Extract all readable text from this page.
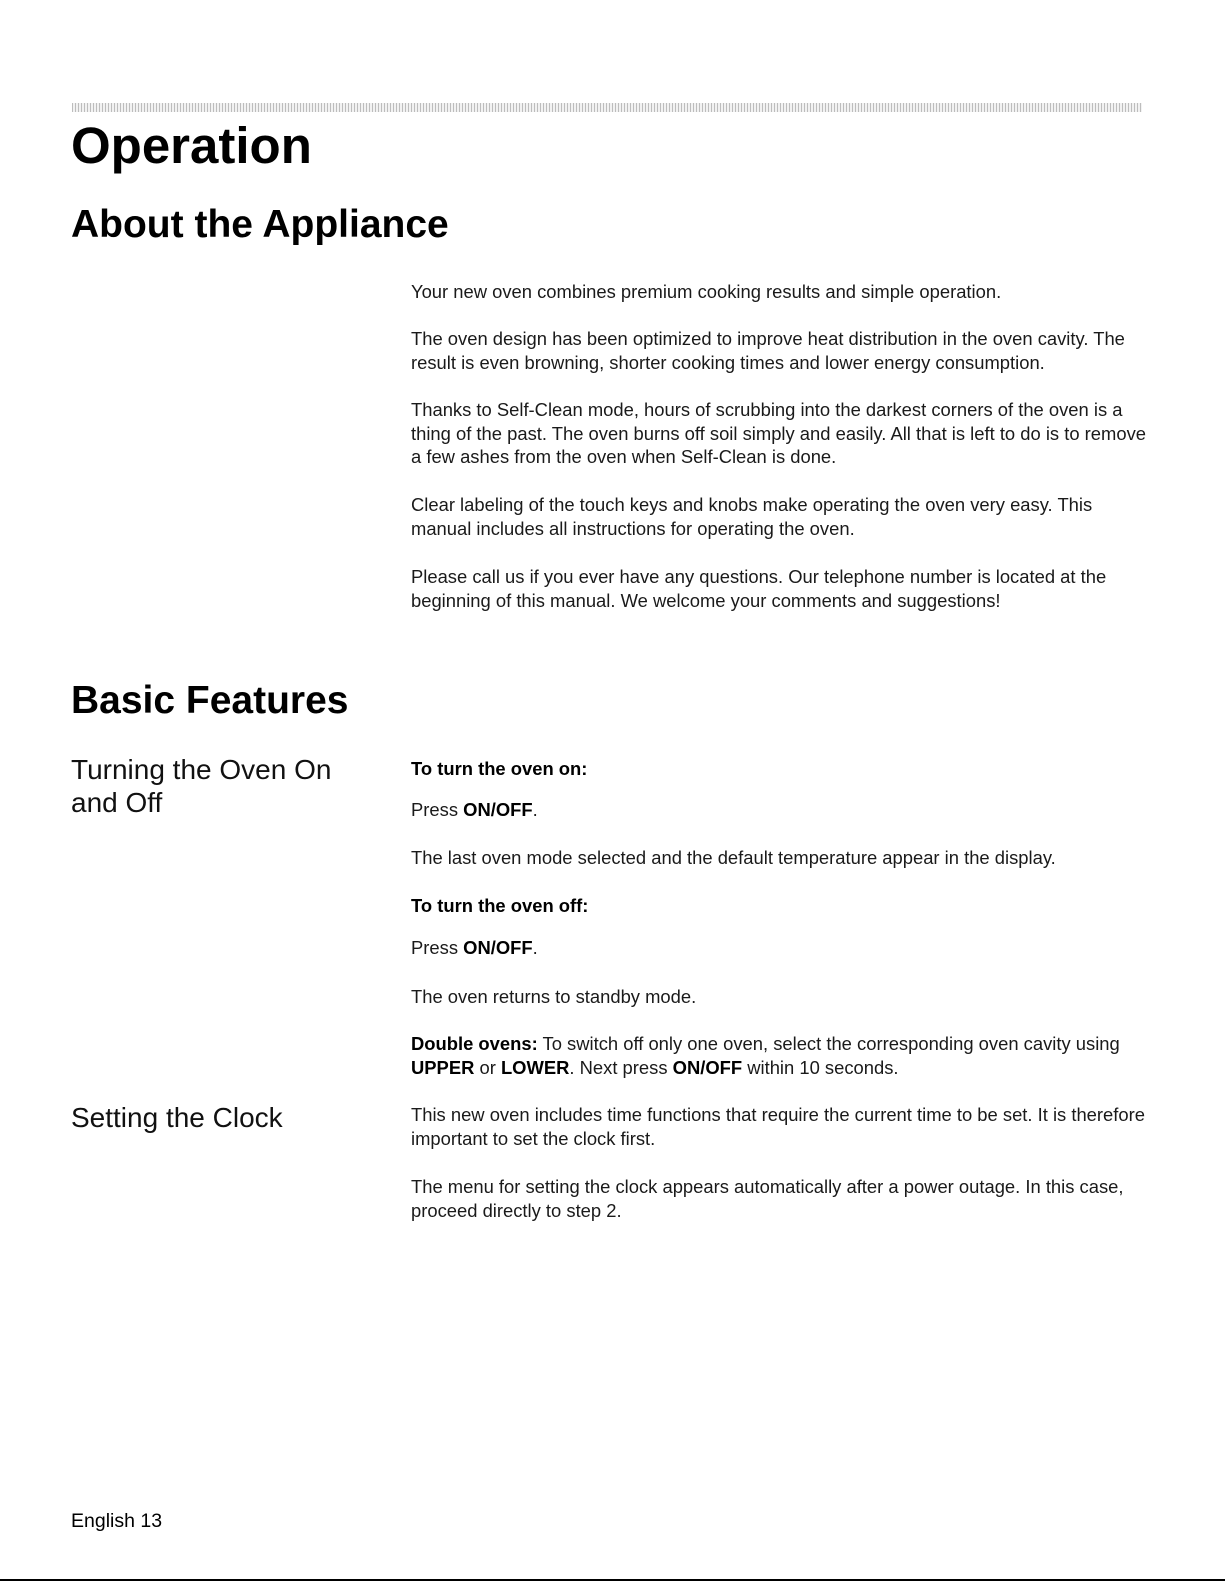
Operation
About the Appliance

Your new oven combines premium cooking results and simple operation.

The oven design has been optimized to improve heat distribution in the oven cavity. The result is even browning, shorter cooking times and lower energy consumption.

Thanks to Self-Clean mode, hours of scrubbing into the darkest corners of the oven is a thing of the past. The oven burns off soil simply and easily. All that is left to do is to remove a few ashes from the oven when Self-Clean is done.

Clear labeling of the touch keys and knobs make operating the oven very easy. This manual includes all instructions for operating the oven.

Please call us if you ever have any questions. Our telephone number is located at the beginning of this manual. We welcome your comments and suggestions!

Basic Features
Turning the Oven On
and Off

To turn the oven on:

Press ON/OFF.

The last oven mode selected and the default temperature appear in the display.

To turn the oven off:

Press ON/OFF.

The oven returns to standby mode.

Double ovens: To switch off only one oven, select the corresponding oven cavity using UPPER or LOWER. Next press ON/OFF within 10 seconds.

Setting the Clock	This new oven includes time functions that require the current time to be set. It is therefore important to set the clock first.

The menu for setting the clock appears automatically after a power outage. In this case, proceed directly to step 2.

English 13
